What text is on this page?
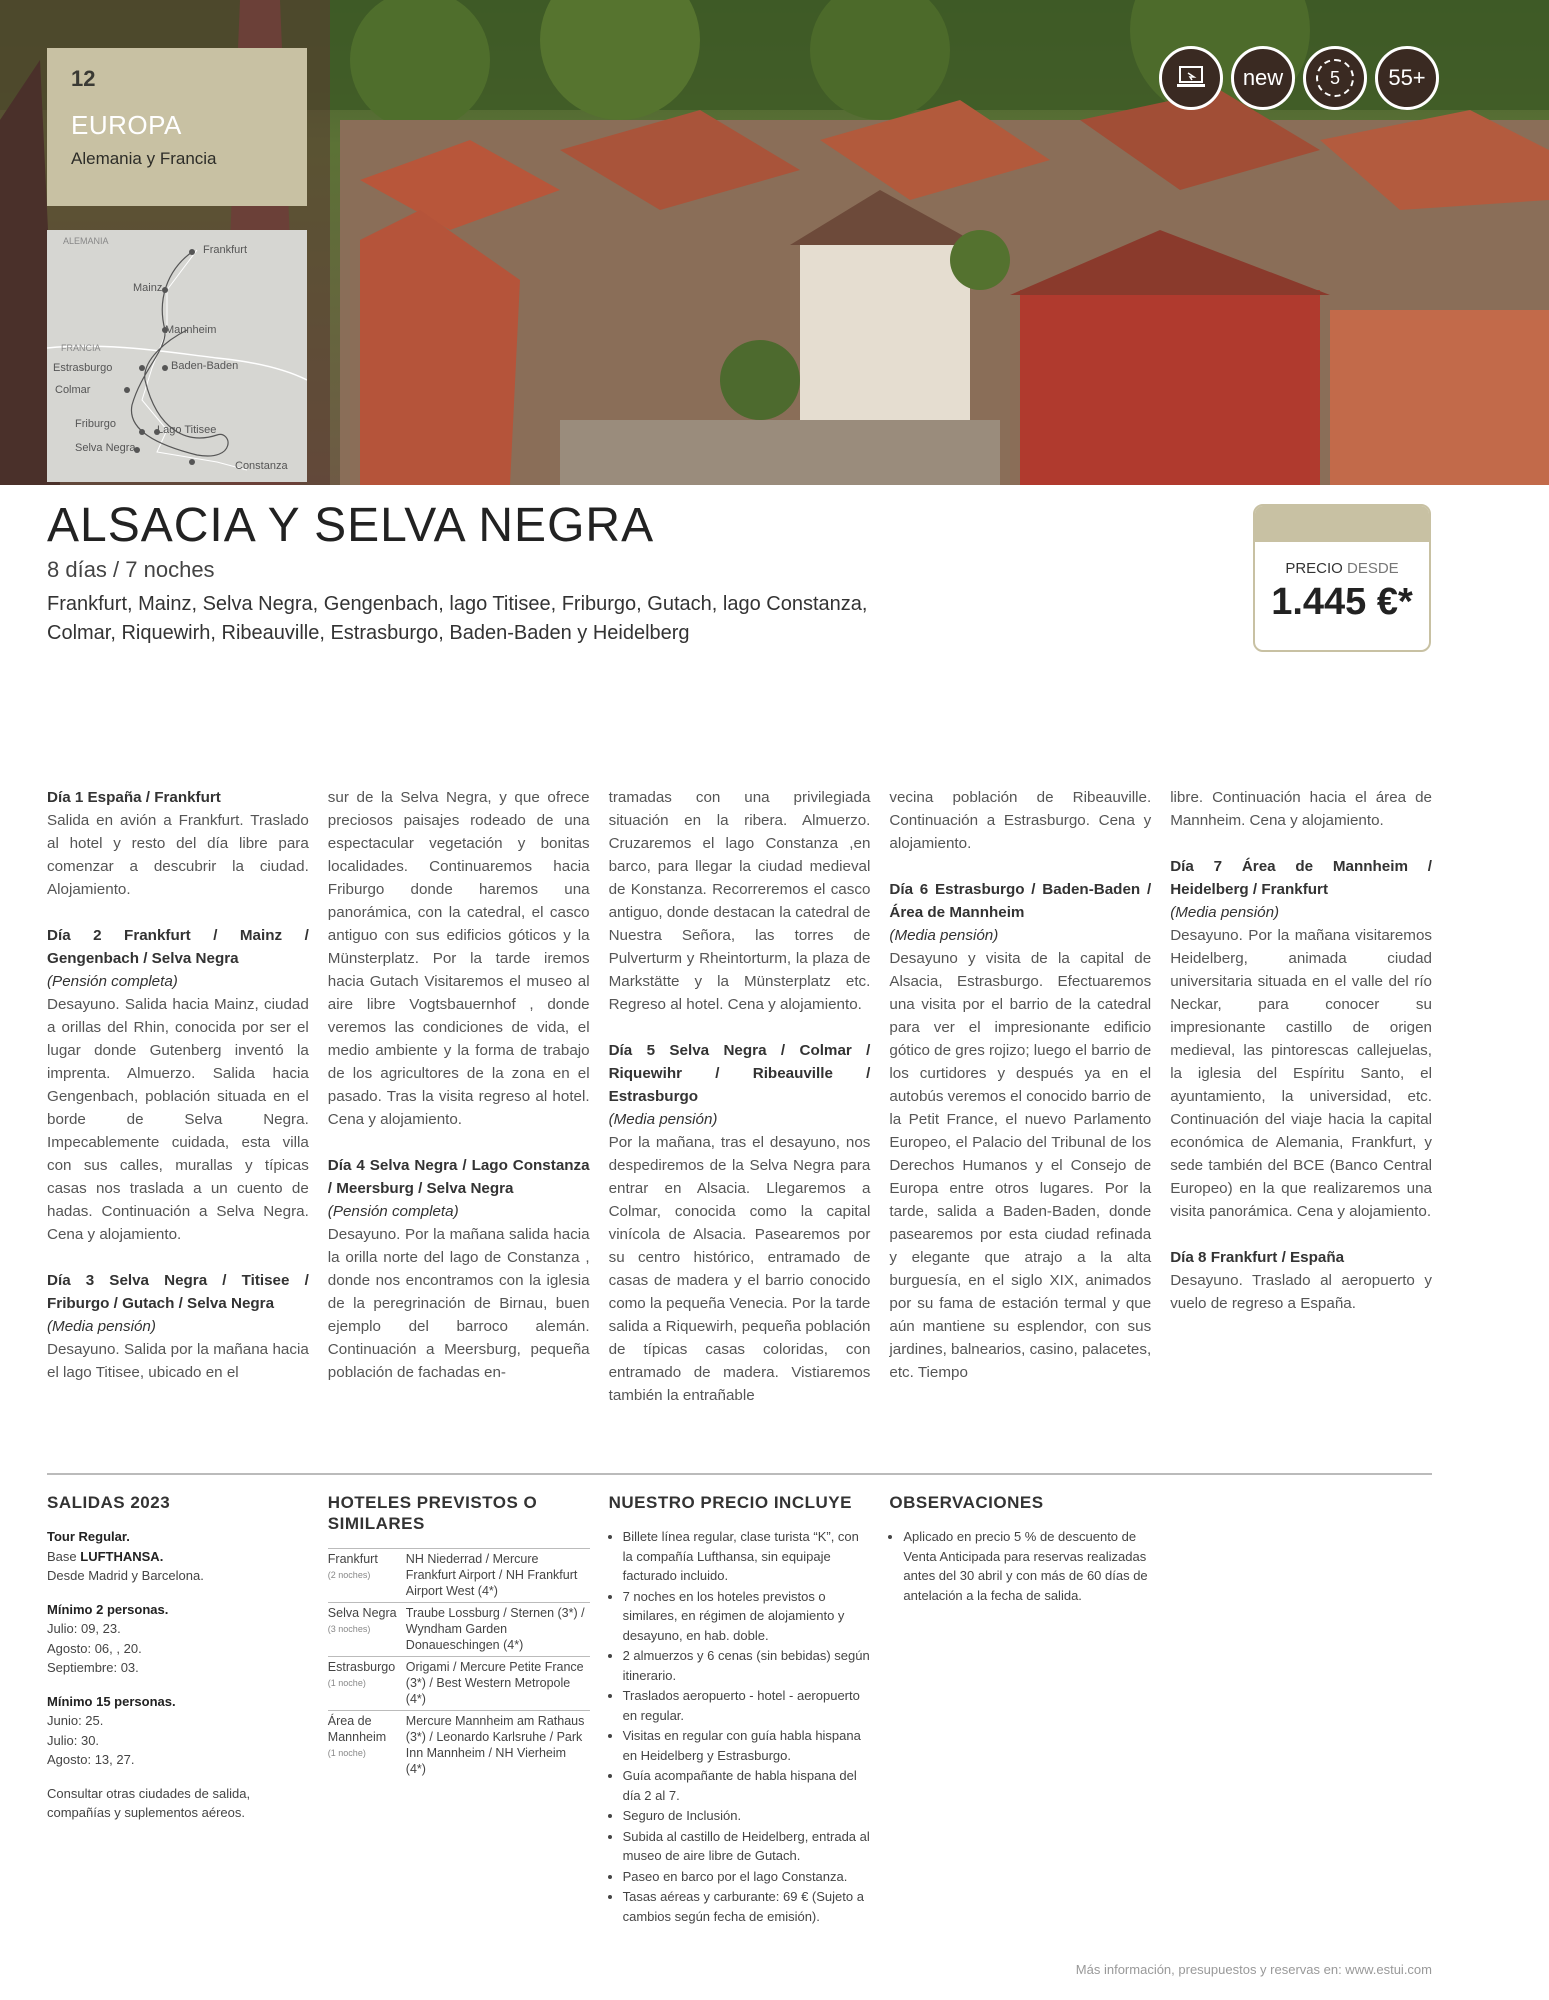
12
EUROPA
Alemania y Francia
ALEMANIA
FRANCIA
Frankfurt
Mainz
Mannheim
Estrasburgo	Baden-Baden
Colmar
Friburgo	Lago Titisee
Selva Negra
Constanza
new	5	55+
ALSACIA Y SELVA NEGRA
8 días / 7 noches
Frankfurt, Mainz, Selva Negra, Gengenbach, lago Titisee, Friburgo, Gutach, lago Constanza, Colmar, Riquewirh, Ribeauville, Estrasburgo, Baden-Baden y Heidelberg
PRECIO DESDE
1.445 €*

Día 1 España / Frankfurt
Salida en avión a Frankfurt. Traslado al hotel y resto del día libre para comenzar a descubrir la ciudad. Alojamiento.

Día 2 Frankfurt / Mainz / Gengenbach / Selva Negra
(Pensión completa)
Desayuno. Salida hacia Mainz, ciudad a orillas del Rhin, conocida por ser el lugar donde Gutenberg inventó la imprenta. Almuerzo. Salida hacia Gengenbach, población situada en el borde de Selva Negra. Impecablemente cuidada, esta villa con sus calles, murallas y típicas casas nos traslada a un cuento de hadas. Continuación a Selva Negra. Cena y alojamiento.

Día 3 Selva Negra / Titisee / Friburgo / Gutach / Selva Negra
(Media pensión)
Desayuno. Salida por la mañana hacia el lago Titisee, ubicado en el

sur de la Selva Negra, y que ofrece preciosos paisajes rodeado de una espectacular vegetación y bonitas localidades. Continuaremos hacia Friburgo donde haremos una panorámica, con la catedral, el casco antiguo con sus edificios góticos y la Münsterplatz. Por la tarde iremos hacia Gutach Visitaremos el museo al aire libre Vogtsbauernhof , donde veremos las condiciones de vida, el medio ambiente y la forma de trabajo de los agricultores de la zona en el pasado. Tras la visita regreso al hotel. Cena y alojamiento.

Día 4 Selva Negra / Lago Constanza / Meersburg / Selva Negra
(Pensión completa)
Desayuno. Por la mañana salida hacia la orilla norte del lago de Constanza , donde nos encontramos con la iglesia de la peregrinación de Birnau, buen ejemplo del barroco alemán. Continuación a Meersburg, pequeña población de fachadas en-

tramadas con una privilegiada situación en la ribera. Almuerzo. Cruzaremos el lago Constanza ,en barco, para llegar la ciudad medieval de Konstanza. Recorreremos el casco antiguo, donde destacan la catedral de Nuestra Señora, las torres de Pulverturm y Rheintorturm, la plaza de Markstätte y la Münsterplatz etc. Regreso al hotel. Cena y alojamiento.

Día 5 Selva Negra / Colmar / Riquewihr / Ribeauville / Estrasburgo
(Media pensión)
Por la mañana, tras el desayuno, nos despediremos de la Selva Negra para entrar en Alsacia. Llegaremos a Colmar, conocida como la capital vinícola de Alsacia. Pasearemos por su centro histórico, entramado de casas de madera y el barrio conocido como la pequeña Venecia. Por la tarde salida a Riquewirh, pequeña población de típicas casas coloridas, con entramado de madera. Vistiaremos también la entrañable

vecina población de Ribeauville. Continuación a Estrasburgo. Cena y alojamiento.

Día 6 Estrasburgo / Baden-Baden / Área de Mannheim
(Media pensión)
Desayuno y visita de la capital de Alsacia, Estrasburgo. Efectuaremos una visita por el barrio de la catedral para ver el impresionante edificio gótico de gres rojizo; luego el barrio de los curtidores y después ya en el autobús veremos el conocido barrio de la Petit France, el nuevo Parlamento Europeo, el Palacio del Tribunal de los Derechos Humanos y el Consejo de Europa entre otros lugares. Por la tarde, salida a Baden-Baden, donde pasearemos por esta ciudad refinada y elegante que atrajo a la alta burguesía, en el siglo XIX, animados por su fama de estación termal y que aún mantiene su esplendor, con sus jardines, balnearios, casino, palacetes, etc. Tiempo

libre. Continuación hacia el área de Mannheim. Cena y alojamiento.

Día 7 Área de Mannheim / Heidelberg / Frankfurt
(Media pensión)
Desayuno. Por la mañana visitaremos Heidelberg, animada ciudad universitaria situada en el valle del río Neckar, para conocer su impresionante castillo de origen medieval, las pintorescas callejuelas, la iglesia del Espíritu Santo, el ayuntamiento, la universidad, etc. Continuación del viaje hacia la capital económica de Alemania, Frankfurt, y sede también del BCE (Banco Central Europeo) en la que realizaremos una visita panorámica. Cena y alojamiento.

Día 8 Frankfurt / España
Desayuno. Traslado al aeropuerto y vuelo de regreso a España.

SALIDAS 2023

Tour Regular.
Base LUFTHANSA.
Desde Madrid y Barcelona.

Mínimo 2 personas.
Julio: 09, 23.
Agosto: 06, , 20.
Septiembre: 03.

Mínimo 15 personas.
Junio: 25.
Julio: 30.
Agosto: 13, 27.

Consultar otras ciudades de salida, compañías y suplementos aéreos.

HOTELES PREVISTOS O SIMILARES
Frankfurt
(2 noches)	NH Niederrad / Mercure Frankfurt Airport / NH Frankfurt Airport West (4*)
Selva Negra
(3 noches)	Traube Lossburg / Sternen (3*) / Wyndham Garden Donaueschingen (4*)
Estrasburgo
(1 noche)	Origami / Mercure Petite France (3*) / Best Western Metropole (4*)
Área de Mannheim
(1 noche)	Mercure Mannheim am Rathaus (3*) / Leonardo Karlsruhe / Park Inn Mannheim / NH Vierheim (4*)
NUESTRO PRECIO INCLUYE
• Billete línea regular, clase turista “K”, con la compañía Lufthansa, sin equipaje facturado incluido.
• 7 noches en los hoteles previstos o similares, en régimen de alojamiento y desayuno, en hab. doble.
• 2 almuerzos y 6 cenas (sin bebidas) según itinerario.
• Traslados aeropuerto - hotel - aeropuerto en regular.
• Visitas en regular con guía habla hispana en Heidelberg y Estrasburgo.
• Guía acompañante de habla hispana del día 2 al 7.
• Seguro de Inclusión.
• Subida al castillo de Heidelberg, entrada al museo de aire libre de Gutach.
• Paseo en barco por el lago Constanza.
• Tasas aéreas y carburante: 69 € (Sujeto a cambios según fecha de emisión).
OBSERVACIONES
• Aplicado en precio 5 % de descuento de Venta Anticipada para reservas realizadas antes del 30 abril y con más de 60 días de antelación a la fecha de salida.
Más información, presupuestos y reservas en: www.estui.com
